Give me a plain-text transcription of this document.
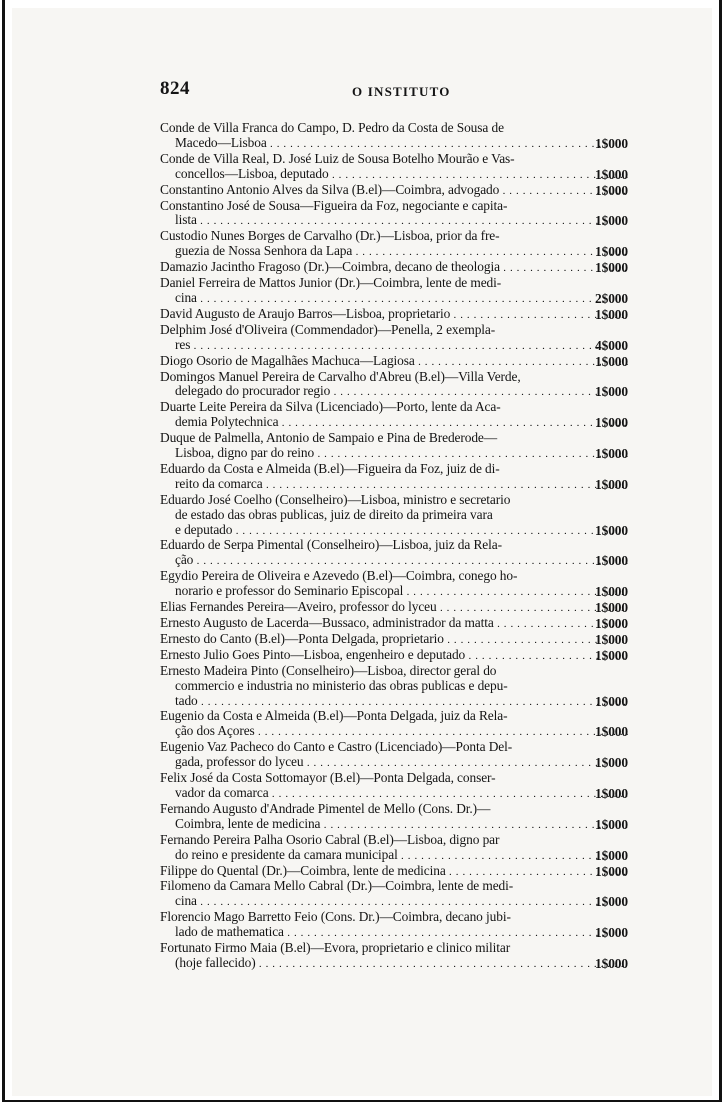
824	O INSTITUTO
Conde de Villa Franca do Campo, D. Pedro da Costa de Sousa de
Macedo—Lisboa . . .	1$000
Conde de Villa Real, D. José Luiz de Sousa Botelho Mourão e Vas-
concellos—Lisboa, deputado . . .	1$000
Constantino Antonio Alves da Silva (B.el)—Coimbra, advogado . . .	1$000
Constantino José de Sousa—Figueira da Foz, negociante e capita-
lista . . .	1$000
Custodio Nunes Borges de Carvalho (Dr.)—Lisboa, prior da fre-
guezia de Nossa Senhora da Lapa . . .	1$000
Damazio Jacintho Fragoso (Dr.)—Coimbra, decano de theologia . . .	1$000
Daniel Ferreira de Mattos Junior (Dr.)—Coimbra, lente de medi-
cina . . .	2$000
David Augusto de Araujo Barros—Lisboa, proprietario . . .	1$000
Delphim José d'Oliveira (Commendador)—Penella, 2 exempla-
res . . .	4$000
Diogo Osorio de Magalhães Machuca—Lagiosa . . .	1$000
Domingos Manuel Pereira de Carvalho d'Abreu (B.el)—Villa Verde,
delegado do procurador regio . . .	1$000
Duarte Leite Pereira da Silva (Licenciado)—Porto, lente da Aca-
demia Polytechnica . . .	1$000
Duque de Palmella, Antonio de Sampaio e Pina de Brederode—
Lisboa, digno par do reino . . .	1$000
Eduardo da Costa e Almeida (B.el)—Figueira da Foz, juiz de di-
reito da comarca . . .	1$000
Eduardo José Coelho (Conselheiro)—Lisboa, ministro e secretario
de estado das obras publicas, juiz de direito da primeira vara
e deputado . . .	1$000
Eduardo de Serpa Pimental (Conselheiro)—Lisboa, juiz da Rela-
ção . . .	1$000
Egydio Pereira de Oliveira e Azevedo (B.el)—Coimbra, conego ho-
norario e professor do Seminario Episcopal . . .	1$000
Elias Fernandes Pereira—Aveiro, professor do lyceu . . .	1$000
Ernesto Augusto de Lacerda—Bussaco, administrador da matta . . .	1$000
Ernesto do Canto (B.el)—Ponta Delgada, proprietario . . .	1$000
Ernesto Julio Goes Pinto—Lisboa, engenheiro e deputado . . .	1$000
Ernesto Madeira Pinto (Conselheiro)—Lisboa, director geral do
commercio e industria no ministerio das obras publicas e depu-
tado . . .	1$000
Eugenio da Costa e Almeida (B.el)—Ponta Delgada, juiz da Rela-
ção dos Açores . . .	1$000
Eugenio Vaz Pacheco do Canto e Castro (Licenciado)—Ponta Del-
gada, professor do lyceu . . .	1$000
Felix José da Costa Sottomayor (B.el)—Ponta Delgada, conser-
vador da comarca . . .	1$000
Fernando Augusto d'Andrade Pimentel de Mello (Cons. Dr.)—
Coimbra, lente de medicina . . .	1$000
Fernando Pereira Palha Osorio Cabral (B.el)—Lisboa, digno par
do reino e presidente da camara municipal . . .	1$000
Filippe do Quental (Dr.)—Coimbra, lente de medicina . . .	1$000
Filomeno da Camara Mello Cabral (Dr.)—Coimbra, lente de medi-
cina . . .	1$000
Florencio Mago Barretto Feio (Cons. Dr.)—Coimbra, decano jubi-
lado de mathematica . . .	1$000
Fortunato Firmo Maia (B.el)—Evora, proprietario e clinico militar
(hoje fallecido) . . .	1$000
